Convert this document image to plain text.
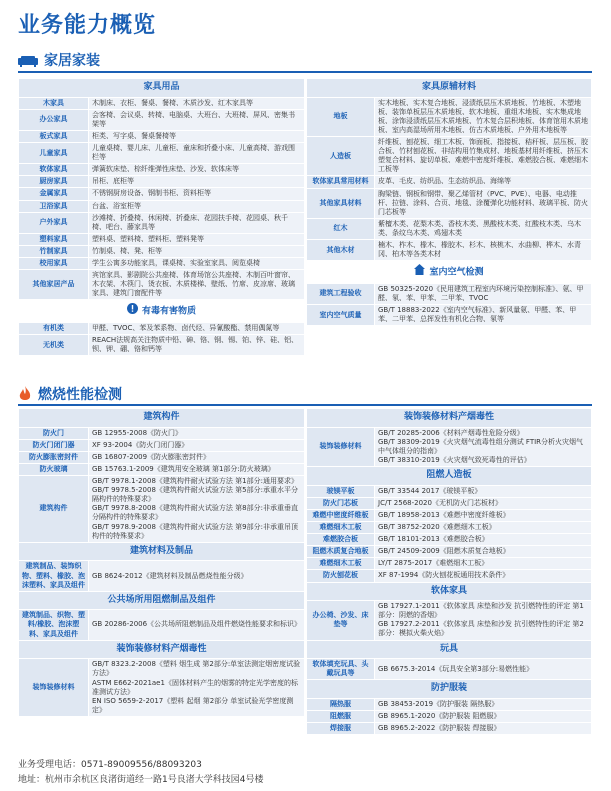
业务能力概览
家居家装
家具用品	
木家具	木制床、衣柜、餐桌、餐椅、木质沙发、红木家具等
办公家具	会客椅、会议桌、转椅、电脑桌、大班台、大班椅、屏风、密集书架等
板式家具	柜类、写字桌、餐桌餐椅等
儿童家具	儿童桌椅、婴儿床、儿童柜、童床和折叠小床、儿童高椅、游戏围栏等
软体家具	弹簧软床垫、棕纤维弹性床垫、沙发、软体床等
厨房家具	吊柜、底柜等
金属家具	不锈钢厨房设备、钢制书柜、资料柜等
卫浴家具	台盆、浴室柜等
户外家具	沙滩椅、折叠椅、休闲椅、折叠床、花园扶手椅、花园桌、秋千椅、吧台、藤家具等
塑料家具	塑料桌、塑料椅、塑料柜、塑料凳等
竹制家具	竹制桌、椅、凳、柜等
校用家具	学生公寓多功能家具，课桌椅、实验室家具、阅览桌椅
其他家居产品	宾馆家具、影剧院公共座椅、体育场馆公共座椅、木制百叶窗帘、木衣架、木筷门、烫衣板、木质楼梯、壁纸、竹席、皮凉席、玻璃家具、建筑门窗配件等
有毒有害物质	
有机类	甲醛、TVOC、苯及苯系物、卤代烃、异氰酸酯、禁用偶氮等
无机类	REACH法规高关注物质中铅、砷、铬、钢、锡、铂、锌、硅、铝、钡、钾、硼、铬和钙等
家具原辅材料	
地板	实木地板、实木复合地板、浸渍纸层压木质地板、竹地板、木塑地板、装饰单板层压木质地板、软木地板、重组木地板、实木集成地板、涂饰浸渍纸层压木质地板、竹木复合层积地板、体育馆用木质地板、室内高湿场所用木地板、仿古木质地板、户外用木地板等
人造板	纤维板、刨花板、细工木板、饰面板、指接板、秸秆板、层压板、胶合板、竹材刨花板、非结构用竹集成材、地板基材用纤维板、挤压木塑复合材料、旋切单板、难燃中密度纤维板、难燃胶合板、难燃细木工板等
软体家具常用材料	皮革、毛皮、纺织品、生态纺织品、海绵等
其他家具材料	胸梁链、钢板和钢带、聚乙烯管材（PVC、PVE）、电器、电动推杆、拉链、涂料、合页、地毯、涂覆弹化功能材料、玻璃平板、防火门芯板等
红木	紫檀木类、花梨木类、香枝木类、黑酸枝木类、红酸枝木类、乌木类、条纹乌木类、鸡翅木类
其他木材	楠木、柞木、橡木、橡胶木、杉木、核桃木、水曲柳、桦木、水青冈、柏木等各类木材
室内空气检测	
建筑工程验收	GB 50325-2020《民用建筑工程室内环境污染控制标准》、氨、甲醛、氡、苯、甲苯、二甲苯、TVOC
室内空气质量	GB/T 18883-2022《室内空气标准》、新风量氨、甲醛、苯、甲苯、二甲苯、总挥发性有机化合物、氡等
燃烧性能检测
建筑构件	
防火门	GB 12955-2008《防火门》

防火门闭门器	XF 93-2004《防火门闭门器》

防火膨胀密封件	GB 16807-2009《防火膨胀密封件》

防火玻璃	GB 15763.1-2009《建筑用安全玻璃 第1部分:防火玻璃》

建筑构件	GB/T 9978.1-2008《建筑构件耐火试验方法 第1部分:通用要求》
GB/T 9978.5-2008《建筑构件耐火试验方法 第5部分:承重水平分隔构件的特殊要求》
GB/T 9978.8-2008《建筑构件耐火试验方法 第8部分:非承重垂直分隔构件的特殊要求》
GB/T 9978.9-2008《建筑构件耐火试验方法 第9部分:非承重吊顶构件的特殊要求》

建筑材料及制品	
建筑制品、装饰织物、塑料、橡胶、泡沫塑料、家具及组件	GB 8624-2012《建筑材料及制品燃烧性能分级》
公共场所用阻燃制品及组件	
建筑制品、织物、塑料/橡胶、泡沫塑料、家具及组件	GB 20286-2006《公共场所阻燃制品及组件燃烧性能要求和标识》
装饰装修材料产烟毒性	
装饰装修材料	GB/T 8323.2-2008《塑料 烟生成 第2部分:单室法测定烟密度试验方法》
ASTM E662-2021ae1《固体材料产生的烟雾的特定光学密度的标准测试方法》
EN ISO 5659-2-2017《塑料 起烟 第2部分 单室试验光学密度测定》
装饰装修材料产烟毒性	
装饰装修材料	GB/T 20285-2006《材料产烟毒性危险分级》
GB/T 38309-2019《火灾烟气流毒性组分测试 FTIR分析火灾烟气中气体组分的指南》
GB/T 38310-2019《火灾烟气致死毒性的评估》

阻燃人造板	
玻镁平板	GB/T 33544 2017《玻镁平板》
防火门芯板	JC/T 2568-2020《无机防火门芯板材》
难燃中密度纤维板	GB/T 18958-2013《难燃中密度纤维板》
难燃细木工板	GB/T 38752-2020《难燃细木工板》
难燃胶合板	GB/T 18101-2013《难燃胶合板》
阻燃木质复合地板	GB/T 24509-2009《阻燃木质复合地板》
难燃细木工板	LY/T 2875-2017《难燃细木工板》
防火刨花板	XF 87-1994《防火刨花板通用技术条件》
软体家具	
办公椅、沙发、床垫等	GB 17927.1-2011《软体家具 床垫和沙发 抗引燃特性的评定 第1部分：阴燃的香烟》
GB 17927.2-2011《软体家具 床垫和沙发 抗引燃特性的评定 第2部分：模拟火柴火焰》

玩具	
软体填充玩具、头戴玩具等	GB 6675.3-2014《玩具安全第3部分:易燃性能》
防护服装	
隔热服	GB 38453-2019《防护服装 隔热服》
阻燃服	GB 8965.1-2020《防护服装 阻燃服》
焊接服	GB 8965.2-2022《防护服装 焊接服》
业务受理电话：0571-89009556/88093203
地址：杭州市余杭区良渚街道经一路1号良渚大学科技园4号楼
